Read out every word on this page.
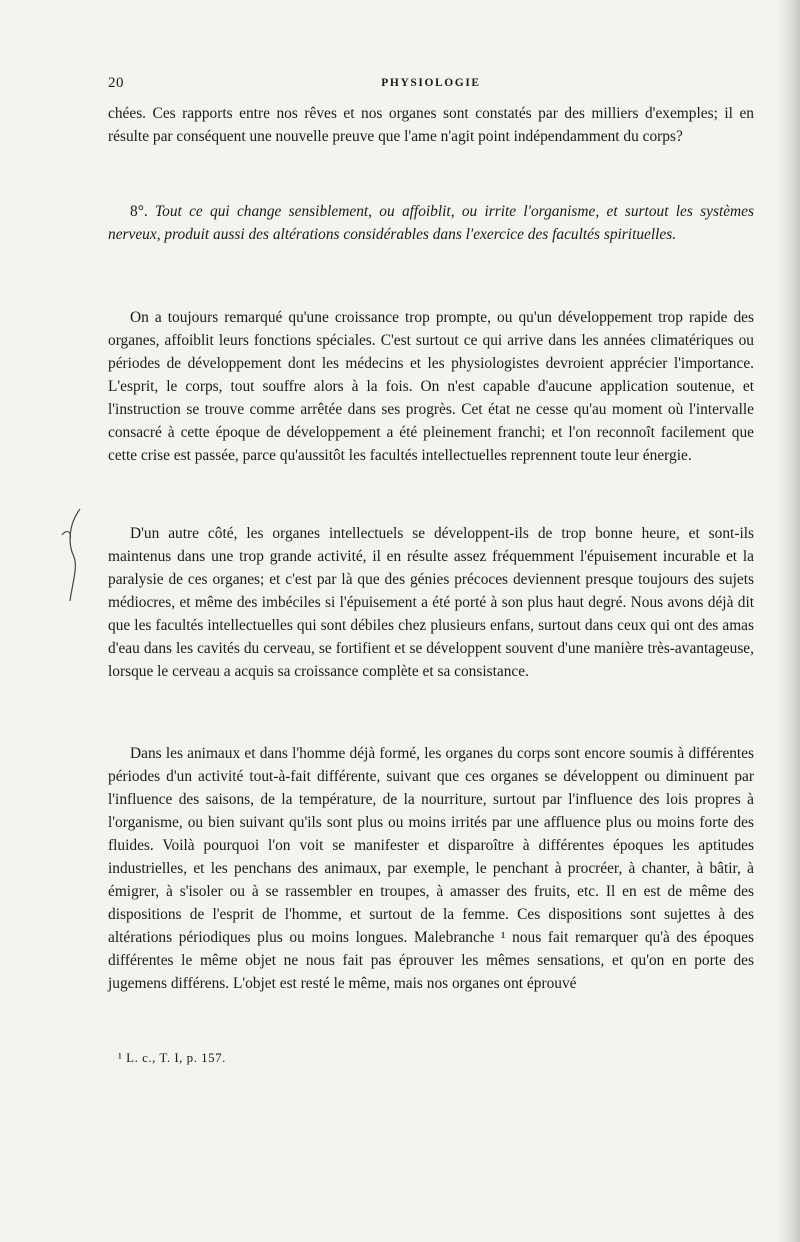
20	PHYSIOLOGIE

chées. Ces rapports entre nos rêves et nos organes sont constatés par des milliers d'exemples; il en résulte par conséquent une nouvelle preuve que l'ame n'agit point indépendamment du corps?

8°. Tout ce qui change sensiblement, ou affoiblit, ou irrite l'organisme, et surtout les systèmes nerveux, produit aussi des altérations considérables dans l'exercice des facultés spirituelles.

On a toujours remarqué qu'une croissance trop prompte, ou qu'un développement trop rapide des organes, affoiblit leurs fonctions spéciales. C'est surtout ce qui arrive dans les années climatériques ou périodes de développement dont les médecins et les physiologistes devroient apprécier l'importance. L'esprit, le corps, tout souffre alors à la fois. On n'est capable d'aucune application soutenue, et l'instruction se trouve comme arrêtée dans ses progrès. Cet état ne cesse qu'au moment où l'intervalle consacré à cette époque de développement a été pleinement franchi; et l'on reconnoît facilement que cette crise est passée, parce qu'aussitôt les facultés intellectuelles reprennent toute leur énergie.

D'un autre côté, les organes intellectuels se développent-ils de trop bonne heure, et sont-ils maintenus dans une trop grande activité, il en résulte assez fréquemment l'épuisement incurable et la paralysie de ces organes; et c'est par là que des génies précoces deviennent presque toujours des sujets médiocres, et même des imbéciles si l'épuisement a été porté à son plus haut degré. Nous avons déjà dit que les facultés intellectuelles qui sont débiles chez plusieurs enfans, surtout dans ceux qui ont des amas d'eau dans les cavités du cerveau, se fortifient et se développent souvent d'une manière très-avantageuse, lorsque le cerveau a acquis sa croissance complète et sa consistance.

Dans les animaux et dans l'homme déjà formé, les organes du corps sont encore soumis à différentes périodes d'un activité tout-à-fait différente, suivant que ces organes se développent ou diminuent par l'influence des saisons, de la température, de la nourriture, surtout par l'influence des lois propres à l'organisme, ou bien suivant qu'ils sont plus ou moins irrités par une affluence plus ou moins forte des fluides. Voilà pourquoi l'on voit se manifester et disparoître à différentes époques les aptitudes industrielles, et les penchans des animaux, par exemple, le penchant à procréer, à chanter, à bâtir, à émigrer, à s'isoler ou à se rassembler en troupes, à amasser des fruits, etc. Il en est de même des dispositions de l'esprit de l'homme, et surtout de la femme. Ces dispositions sont sujettes à des altérations périodiques plus ou moins longues. Malebranche ¹ nous fait remarquer qu'à des époques différentes le même objet ne nous fait pas éprouver les mêmes sensations, et qu'on en porte des jugemens différens. L'objet est resté le même, mais nos organes ont éprouvé

¹ L. c., T. I, p. 157.
